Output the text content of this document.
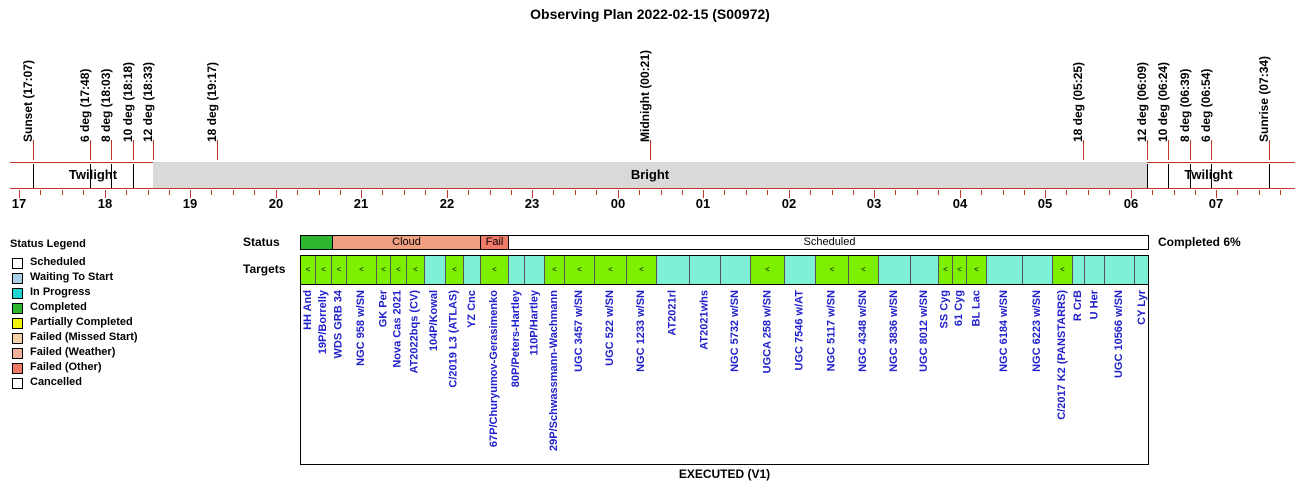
Observing Plan 2022-02-15 (S00972)
Sunset (17:07)	6 deg (17:48) 8 deg (18:03) 10 deg (18:18) 12 deg (18:33)	18 deg (19:17)	Midnight (00:21)	18 deg (05:25)	12 deg (06:09) 10 deg (06:24) 8 deg (06:39) 6 deg (06:54)	Sunrise (07:34)
Twilight	Bright	Twilight
17	18	19	20	21	22	23	00	01	02	03	04	05	06	07
Status Legend
Scheduled
Waiting To Start
In Progress
Completed
Partially Completed
Failed (Missed Start)
Failed (Weather)
Failed (Other)
Cancelled
Status	Cloud	Fail	Scheduled	Completed 6%
Targets	<	<	<	<	<	<	<	<	<	<	<	<	<	<	<	<	<	<	<	<
HH And 19P/Borrelly WDS GRB 34 NGC 958 w/SN GK Per Nova Cas 2021 AT2022bqs (CV) 104P/Kowal C/2019 L3 (ATLAS) YZ Cnc 67P/Churyumov-Gerasimenko 80P/Peters-Hartley 110P/Hartley 29P/Schwassmann-Wachmann UGC 3457 w/SN UGC 522 w/SN NGC 1233 w/SN AT2021rl AT2021whs NGC 5732 w/SN UGCA 258 w/SN UGC 7546 w/AT NGC 5117 w/SN NGC 4348 w/SN NGC 3836 w/SN UGC 8012 w/SN SS Cyg 61 Cyg BL Lac NGC 6184 w/SN NGC 6223 w/SN C/2017 K2 (PANSTARRS) R CrB U Her UGC 10566 w/SN CY Lyr
EXECUTED (V1)
